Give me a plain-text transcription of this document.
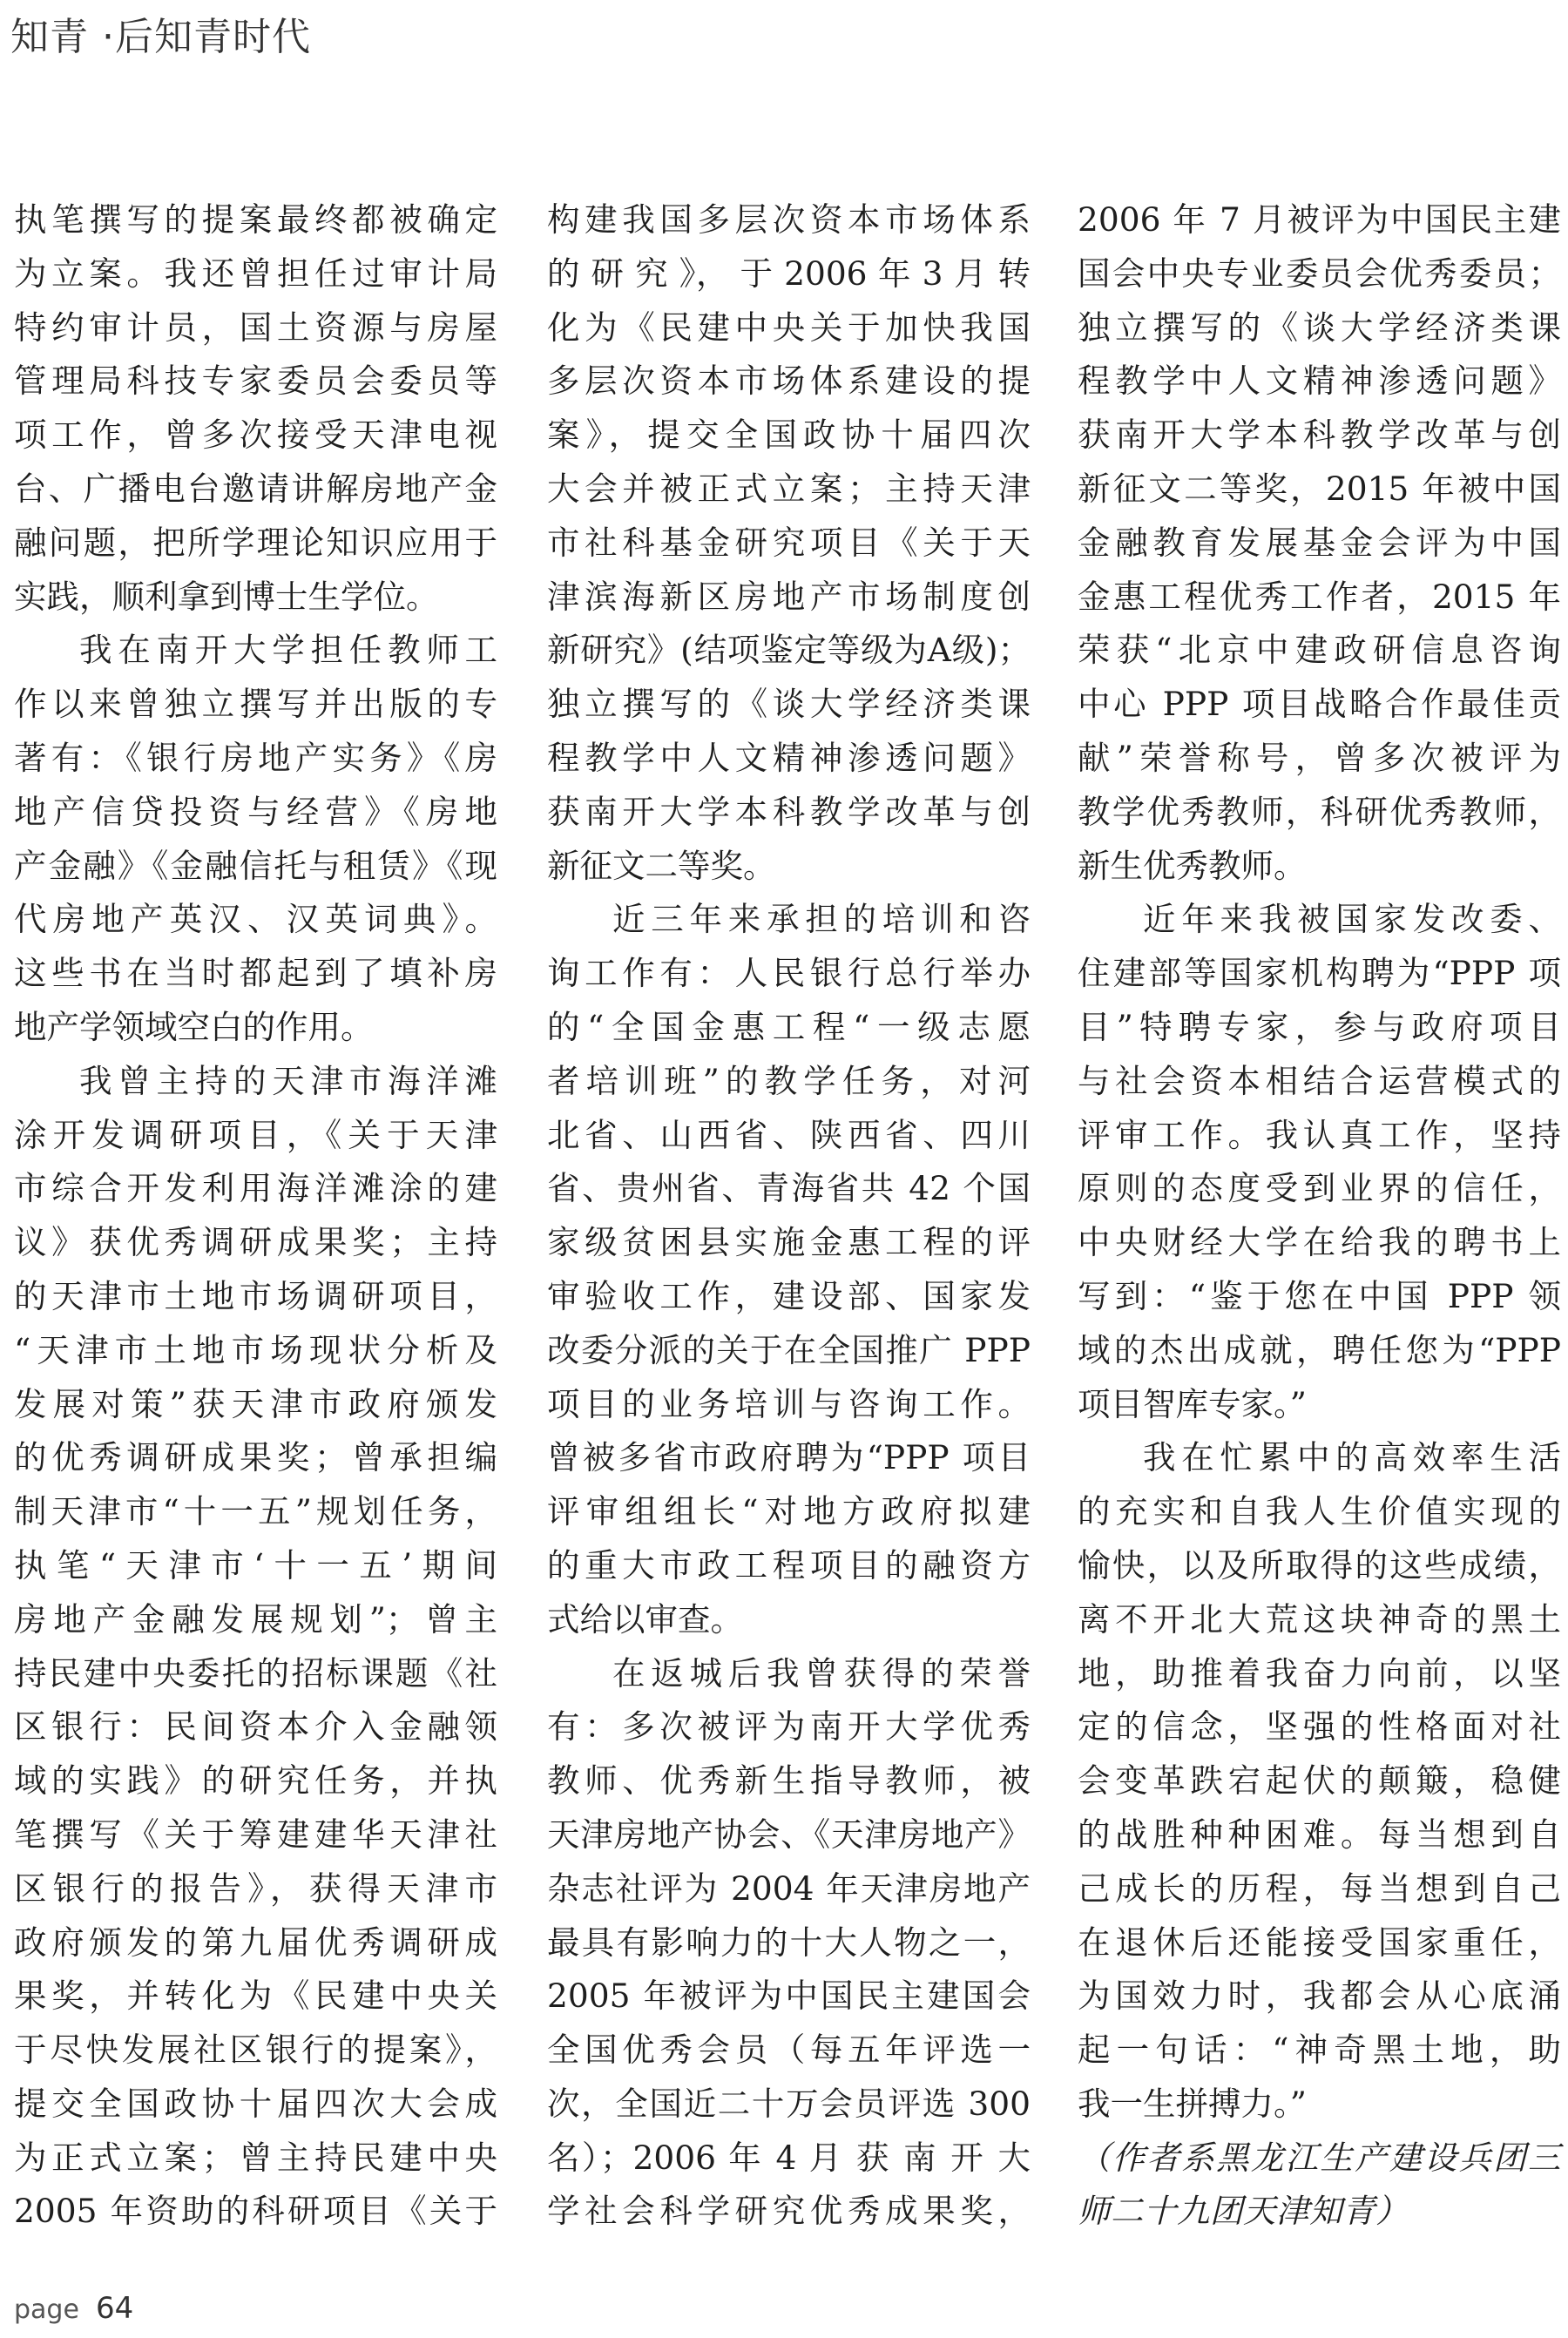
知青 ·后知青时代
执笔撰写的提案最终都被确定
为立案。我还曾担任过审计局
特约审计员，国土资源与房屋
管理局科技专家委员会委员等
项工作，曾多次接受天津电视
台、广播电台邀请讲解房地产金
融问题，把所学理论知识应用于
实践，顺利拿到博士生学位。
我在南开大学担任教师工
作以来曾独立撰写并出版的专
著有：《银行房地产实务》《房
地产信贷投资与经营》《房地
产金融》《金融信托与租赁》《现
代房地产英汉、汉英词典》。
这些书在当时都起到了填补房
地产学领域空白的作用。
我曾主持的天津市海洋滩
涂开发调研项目，《关于天津
市综合开发利用海洋滩涂的建
议》获优秀调研成果奖；主持
的天津市土地市场调研项目，
“天津市土地市场现状分析及
发展对策”获天津市政府颁发
的优秀调研成果奖；曾承担编
制天津市“十一五”规划任务，
执笔“天津市‘十一五’期间
房地产金融发展规划”；曾主
持民建中央委托的招标课题《社
区银行：民间资本介入金融领
域的实践》的研究任务，并执
笔撰写《关于筹建建华天津社
区银行的报告》，获得天津市
政府颁发的第九届优秀调研成
果奖，并转化为《民建中央关
于尽快发展社区银行的提案》，
提交全国政协十届四次大会成
为正式立案；曾主持民建中央
2005 年资助的科研项目《关于
构建我国多层次资本市场体系
的 研 究 》， 于 2006 年 3 月 转
化为《民建中央关于加快我国
多层次资本市场体系建设的提
案》，提交全国政协十届四次
大会并被正式立案；主持天津
市社科基金研究项目《关于天
津滨海新区房地产市场制度创
新研究》(结项鉴定等级为A级)；
独立撰写的《谈大学经济类课
程教学中人文精神渗透问题》
获南开大学本科教学改革与创
新征文二等奖。
近三年来承担的培训和咨
询工作有：人民银行总行举办
的“全国金惠工程“一级志愿
者培训班”的教学任务，对河
北省、山西省、陕西省、四川
省、贵州省、青海省共 42 个国
家级贫困县实施金惠工程的评
审验收工作，建设部、国家发
改委分派的关于在全国推广 PPP
项目的业务培训与咨询工作。
曾被多省市政府聘为“PPP 项目
评审组组长“对地方政府拟建
的重大市政工程项目的融资方
式给以审查。
在返城后我曾获得的荣誉
有：多次被评为南开大学优秀
教师、优秀新生指导教师，被
天津房地产协会、《天津房地产》
杂志社评为 2004 年天津房地产
最具有影响力的十大人物之一，
2005 年被评为中国民主建国会
全国优秀会员（每五年评选一
次，全国近二十万会员评选 300
名）；2006 年 4 月 获 南 开 大
学社会科学研究优秀成果奖，
2006 年 7 月被评为中国民主建
国会中央专业委员会优秀委员；
独立撰写的《谈大学经济类课
程教学中人文精神渗透问题》
获南开大学本科教学改革与创
新征文二等奖，2015 年被中国
金融教育发展基金会评为中国
金惠工程优秀工作者，2015 年
荣获“北京中建政研信息咨询
中心 PPP 项目战略合作最佳贡
献”荣誉称号，曾多次被评为
教学优秀教师，科研优秀教师，
新生优秀教师。
近年来我被国家发改委、
住建部等国家机构聘为“PPP 项
目”特聘专家，参与政府项目
与社会资本相结合运营模式的
评审工作。我认真工作，坚持
原则的态度受到业界的信任，
中央财经大学在给我的聘书上
写到：“鉴于您在中国 PPP 领
域的杰出成就，聘任您为“PPP
项目智库专家。”
我在忙累中的高效率生活
的充实和自我人生价值实现的
愉快，以及所取得的这些成绩，
离不开北大荒这块神奇的黑土
地，助推着我奋力向前，以坚
定的信念，坚强的性格面对社
会变革跌宕起伏的颠簸，稳健
的战胜种种困难。每当想到自
己成长的历程，每当想到自己
在退休后还能接受国家重任，
为国效力时，我都会从心底涌
起一句话：“神奇黑土地，助
我一生拼搏力。”
（作者系黑龙江生产建设兵团三
师二十九团天津知青）
page 64
